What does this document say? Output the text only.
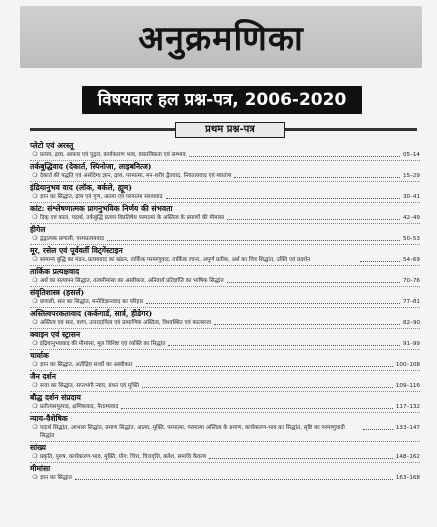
अनुक्रमणिका
विषयवार हल प्रश्न-पत्र, 2006-2020
प्रथम प्रश्न-पत्र
प्लेटो एवं अरस्तू
❍ प्रत्यय, द्रव्य, आकार एवं पुद्गल, कार्यकारण भाव, वास्तविकता एवं सम्भाव	05–14
तर्कबुद्धिवाद (देकार्त, स्पिनोजा, लाइबनित्ज)
❍ देकार्त की पद्धति एवं असंदिग्ध ज्ञान, द्रव्य, परमात्मा, मन-शरीर द्वैतवाद, नियतत्ववाद एवं स्वातंत्र्य	15–29
इंद्रियानुभव वाद (लॉक, बर्कले, ह्यूम)
❍ ज्ञान का सिद्धांत, द्रव्य एवं गुण, आत्मा एवं परमात्मा संशयवाद	30–41
कांट: संश्लेषणात्मक प्रागनुभविक निर्णय की संभवता
❍ दिक् एवं काल, पदार्थ, तर्कबुद्धि प्रत्यय विप्रतिषेध परमात्मा के अस्तित्व के प्रमाणों की मीमांसा	42–49
हीगेल
❍ द्वंद्वात्मक प्रणाली, परमप्रत्ययवाद	50–53
मूर, रसेल एवं पूर्ववर्ती विट्गेंस्टाइन
❍ सामान्य बुद्धि का मंडन, प्रत्ययवाद का खंडन, तार्किक परमाणुवाद, तार्किक रचना, अपूर्ण प्रतीक, अर्थ का चित्र सिद्धांत, उक्ति एवं प्रदर्शन	54–69
तार्किक प्रत्यक्षवाद
❍ अर्थ का सत्यापन सिद्धांत, तत्वमीमांसा का अस्वीकार, अनिवार्य प्रतिज्ञप्ति का भाषिक सिद्धांत	70–76
संवृतिशास्त्र (हसर्ल)
❍ प्रणाली, सार का सिद्धांत, मनोविज्ञानवाद का परिहार	77–81
अस्तित्वपरकतावाद (कर्कगार्ड, सार्त्र, हीडेगर)
❍ अस्तित्व एवं सार, वरण, उत्तरदायित्व एवं प्रामाणिक अस्तित्व, विश्वस्थित एवं कालसत्ता	82–90
क्वाइन एवं स्ट्रासन
❍ इंद्रियानुभववाद की मीमांसा, मूल विशिष्ट एवं व्यक्ति का सिद्धांत	91–99
चार्वाक
❍ ज्ञान का सिद्धांत, अतींद्रिय सत्त्वों का अस्वीकार	100–108
जैन दर्शन
❍ सत्ता का सिद्धांत, सप्तभंगी न्याय, बंधन एवं मुक्ति	109–116
बौद्ध दर्शन संप्रदाय
❍ प्रतीत्यसमुत्पाद, क्षणिकवाद, नैरात्म्यवाद	117–132
न्याय-वैशेषिक
❍ पदार्थ सिद्धांत, आभास सिद्धांत, प्रमाण सिद्धांत, आत्मा, मुक्ति, परमात्मा, परमात्मा अस्तित्व के प्रमाण, कार्यकारण-भाव का सिद्धांत, सृष्टि का परमाणुवादी सिद्धांत
133–147
सांख्य
❍ प्रकृति, पुरुष, कार्यकारण-भाव, मुक्ति, योग: चित्त, चित्तवृत्ति, क्लेश, समाधि कैवल्य	148–162
मीमांसा
❍ ज्ञान का सिद्धांत	163–168
